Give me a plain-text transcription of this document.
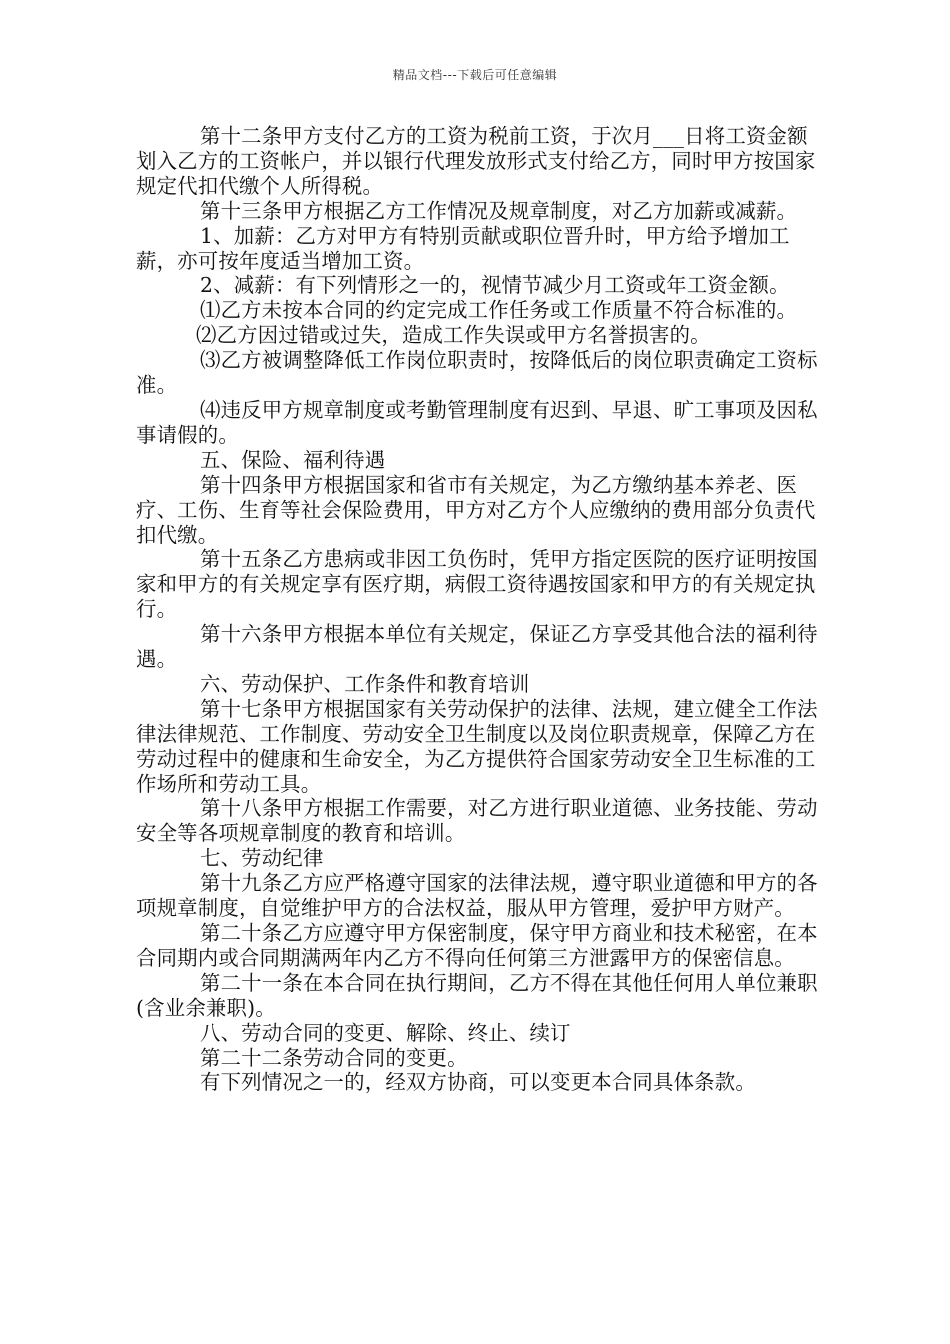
精品文档---下载后可任意编辑

第十二条甲方支付乙方的工资为税前工资，于次月___日将工资金额划入乙方的工资帐户，并以银行代理发放形式支付给乙方，同时甲方按国家规定代扣代缴个人所得税。

第十三条甲方根据乙方工作情况及规章制度，对乙方加薪或减薪。

1、加薪：乙方对甲方有特别贡献或职位晋升时，甲方给予增加工薪，亦可按年度适当增加工资。

2、减薪：有下列情形之一的，视情节减少月工资或年工资金额。

⑴乙方未按本合同的约定完成工作任务或工作质量不符合标准的。

⑵乙方因过错或过失，造成工作失误或甲方名誉损害的。

⑶乙方被调整降低工作岗位职责时，按降低后的岗位职责确定工资标准。

⑷违反甲方规章制度或考勤管理制度有迟到、早退、旷工事项及因私事请假的。

五、保险、福利待遇

第十四条甲方根据国家和省市有关规定，为乙方缴纳基本养老、医疗、工伤、生育等社会保险费用，甲方对乙方个人应缴纳的费用部分负责代扣代缴。

第十五条乙方患病或非因工负伤时，凭甲方指定医院的医疗证明按国家和甲方的有关规定享有医疗期，病假工资待遇按国家和甲方的有关规定执行。

第十六条甲方根据本单位有关规定，保证乙方享受其他合法的福利待遇。

六、劳动保护、工作条件和教育培训

第十七条甲方根据国家有关劳动保护的法律、法规，建立健全工作法律法律规范、工作制度、劳动安全卫生制度以及岗位职责规章，保障乙方在劳动过程中的健康和生命安全，为乙方提供符合国家劳动安全卫生标准的工作场所和劳动工具。

第十八条甲方根据工作需要，对乙方进行职业道德、业务技能、劳动安全等各项规章制度的教育和培训。

七、劳动纪律

第十九条乙方应严格遵守国家的法律法规，遵守职业道德和甲方的各项规章制度，自觉维护甲方的合法权益，服从甲方管理，爱护甲方财产。

第二十条乙方应遵守甲方保密制度，保守甲方商业和技术秘密，在本合同期内或合同期满两年内乙方不得向任何第三方泄露甲方的保密信息。

第二十一条在本合同在执行期间，乙方不得在其他任何用人单位兼职(含业余兼职)。

八、劳动合同的变更、解除、终止、续订

第二十二条劳动合同的变更。

有下列情况之一的，经双方协商，可以变更本合同具体条款。
